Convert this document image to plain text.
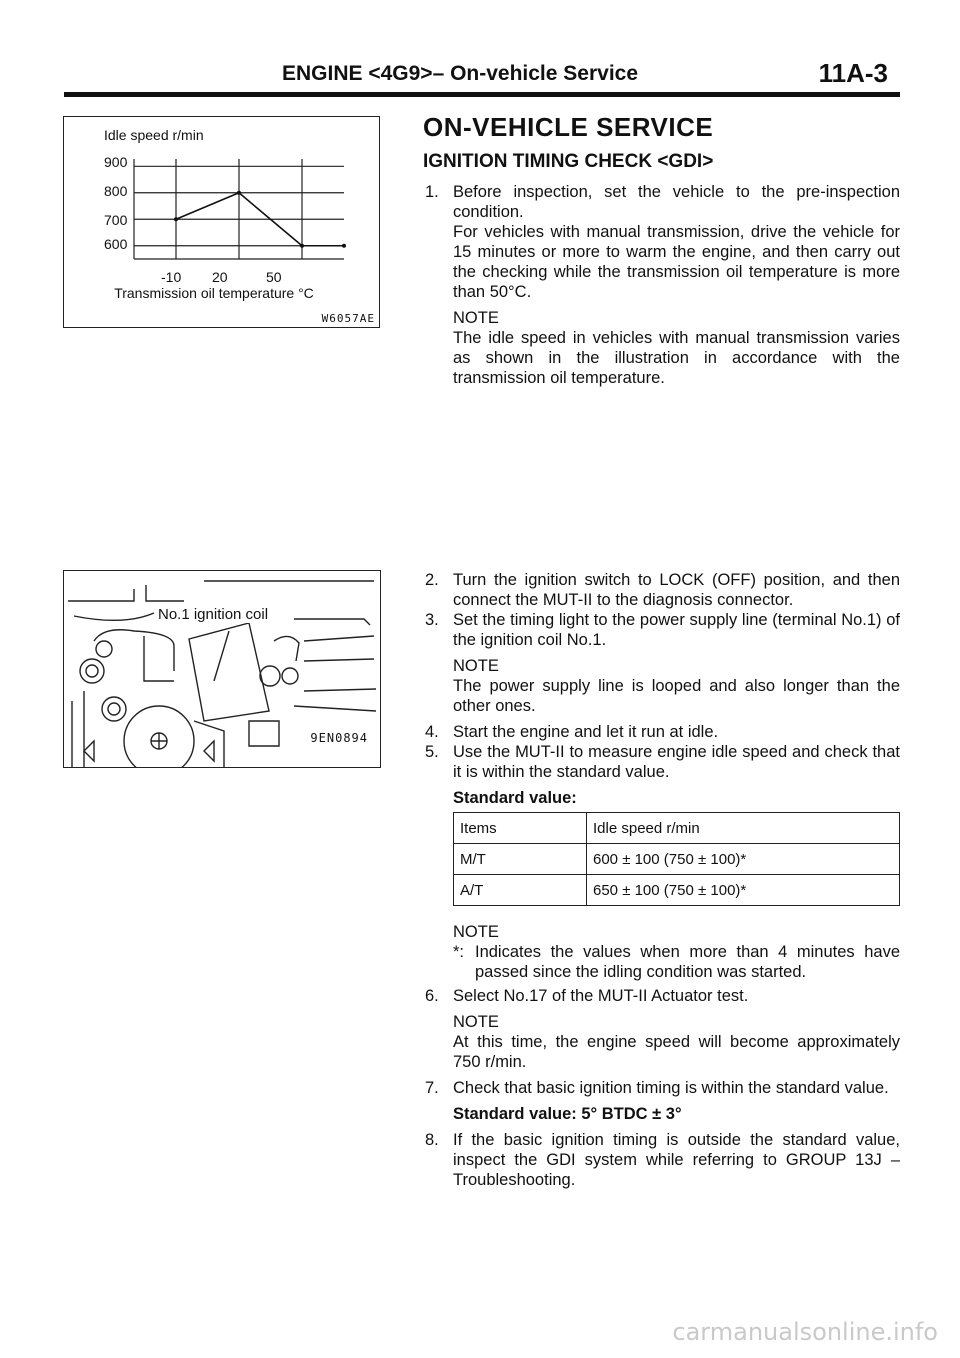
ENGINE <4G9>– On-vehicle Service	11A-3
Idle speed r/min
900
800
700
600
-10 20	50
Transmission oil temperature °C
W6057AE
No.1 ignition coil
9EN0894
ON-VEHICLE SERVICE
IGNITION TIMING CHECK <GDI>
1. Before inspection, set the vehicle to the pre-inspection condition.
For vehicles with manual transmission, drive the vehicle for 15 minutes or more to warm the engine, and then carry out the checking while the transmission oil temperature is more than 50°C.
NOTE
The idle speed in vehicles with manual transmission varies as shown in the illustration in accordance with the transmission oil temperature.
2. Turn the ignition switch to LOCK (OFF) position, and then connect the MUT-II to the diagnosis connector.
3. Set the timing light to the power supply line (terminal No.1) of the ignition coil No.1.
NOTE
The power supply line is looped and also longer than the other ones.
4. Start the engine and let it run at idle.
5. Use the MUT-II to measure engine idle speed and check that it is within the standard value.
Standard value:
Items	Idle speed r/min
M/T	600 ± 100 (750 ± 100)*
A/T	650 ± 100 (750 ± 100)*
NOTE
*: Indicates the values when more than 4 minutes have passed since the idling condition was started.
6. Select No.17 of the MUT-II Actuator test.
NOTE
At this time, the engine speed will become approximately 750 r/min.
7. Check that basic ignition timing is within the standard value.
Standard value: 5° BTDC ± 3°
8. If the basic ignition timing is outside the standard value, inspect the GDI system while referring to GROUP 13J – Troubleshooting.
carmanualsonline.info
